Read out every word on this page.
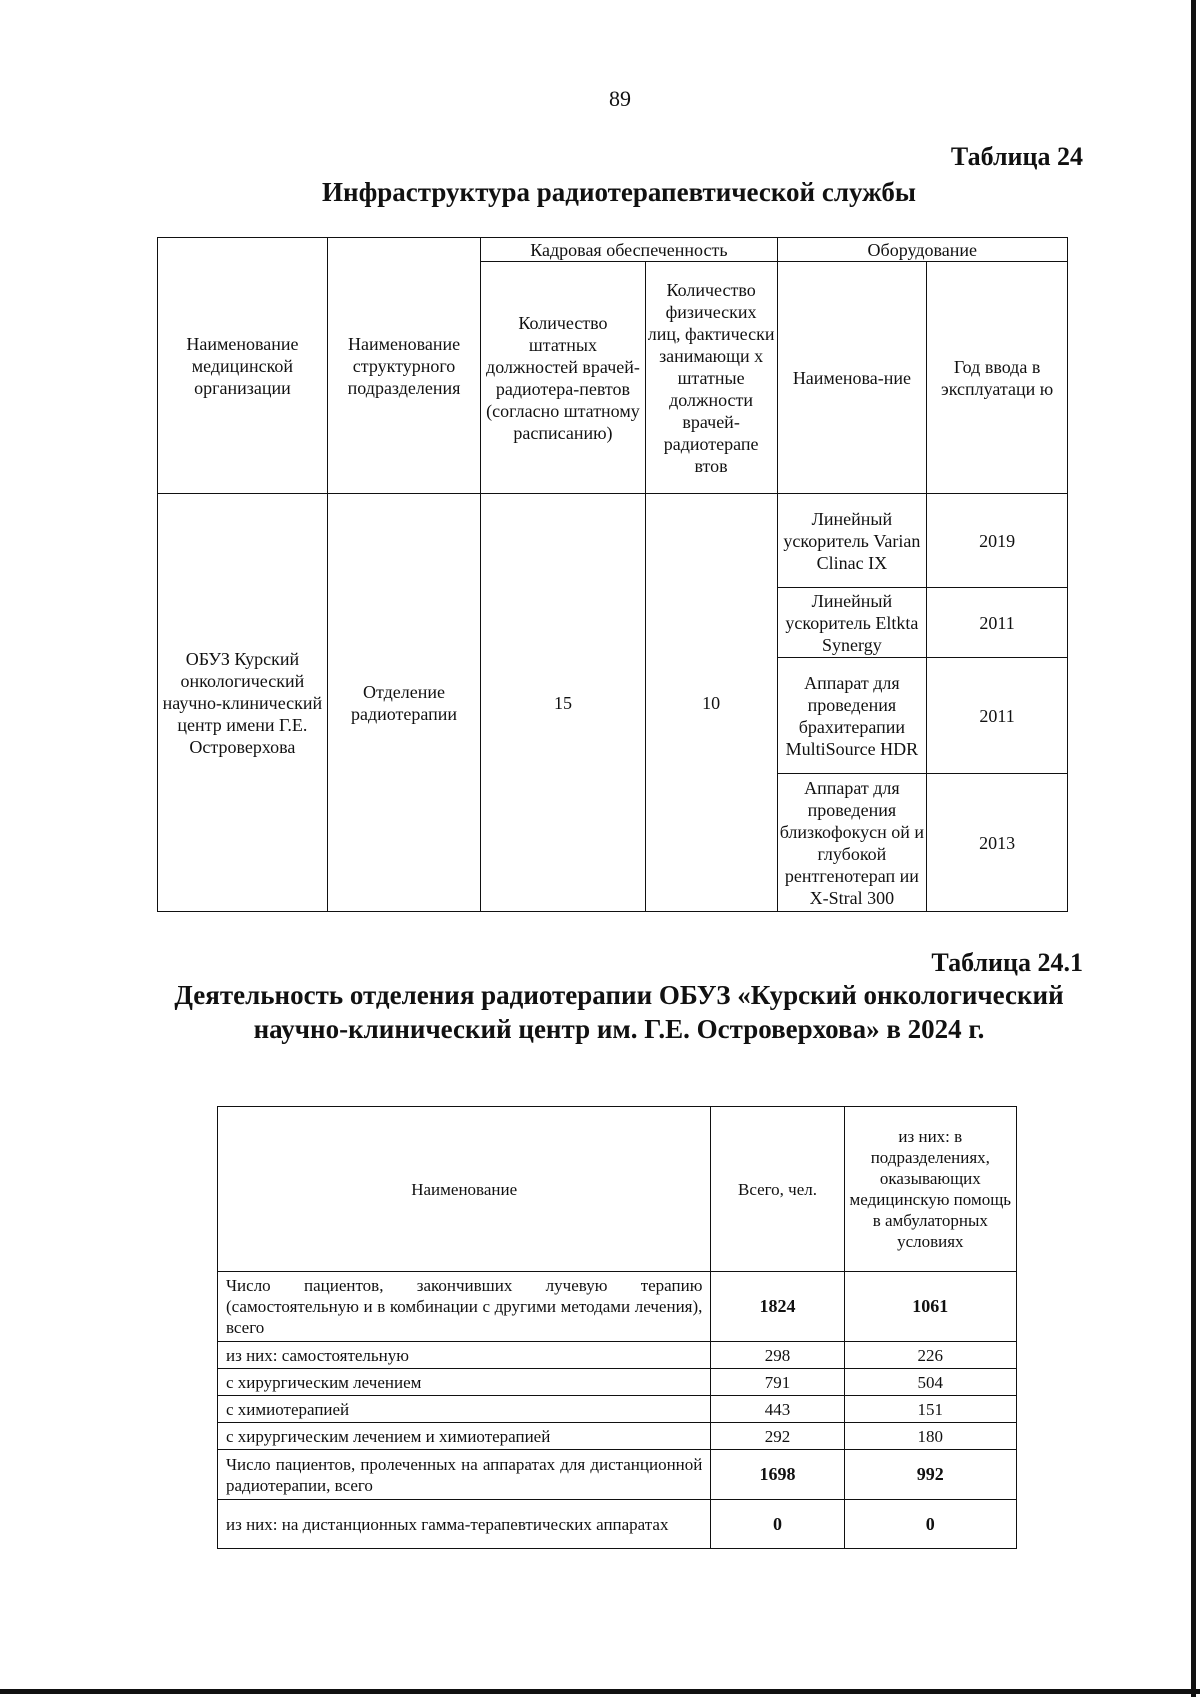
89
Таблица 24
Инфраструктура радиотерапевтической службы
Наименование медицинской организации	Наименование структурного подразделения	Кадровая обеспеченность		Оборудование	
		Количество штатных должностей врачей-радиотера-певтов (согласно штатному расписанию)	Количество физических лиц, фактически занимающи х штатные должности врачей-радиотерапе втов	Наименова-ние	Год ввода в эксплуатаци ю
ОБУЗ Курский онкологический научно-клинический центр имени Г.Е. Островерхова	Отделение радиотерапии	15	10	Линейный ускоритель Varian Clinac IX	2019
				Линейный ускоритель Eltkta Synergy	2011
				Аппарат для проведения брахитерапии MultiSource HDR	2011
				Аппарат для проведения близкофокусн ой и глубокой рентгенотерап ии X-Stral 300	2013
Таблица 24.1
Деятельность отделения радиотерапии ОБУЗ «Курский онкологический научно-клинический центр им. Г.Е. Островерхова» в 2024 г.
Наименование	Всего, чел.	из них: в подразделениях, оказывающих медицинскую помощь в амбулаторных условиях
Число пациентов, закончивших лучевую терапию (самостоятельную и в комбинации с другими методами лечения), всего	1824	1061
из них: самостоятельную	298	226
с хирургическим лечением	791	504
с химиотерапией	443	151
с хирургическим лечением и химиотерапией	292	180
Число пациентов, пролеченных на аппаратах для дистанционной радиотерапии, всего	1698	992
из них: на дистанционных гамма-терапевтических аппаратах	0	0
